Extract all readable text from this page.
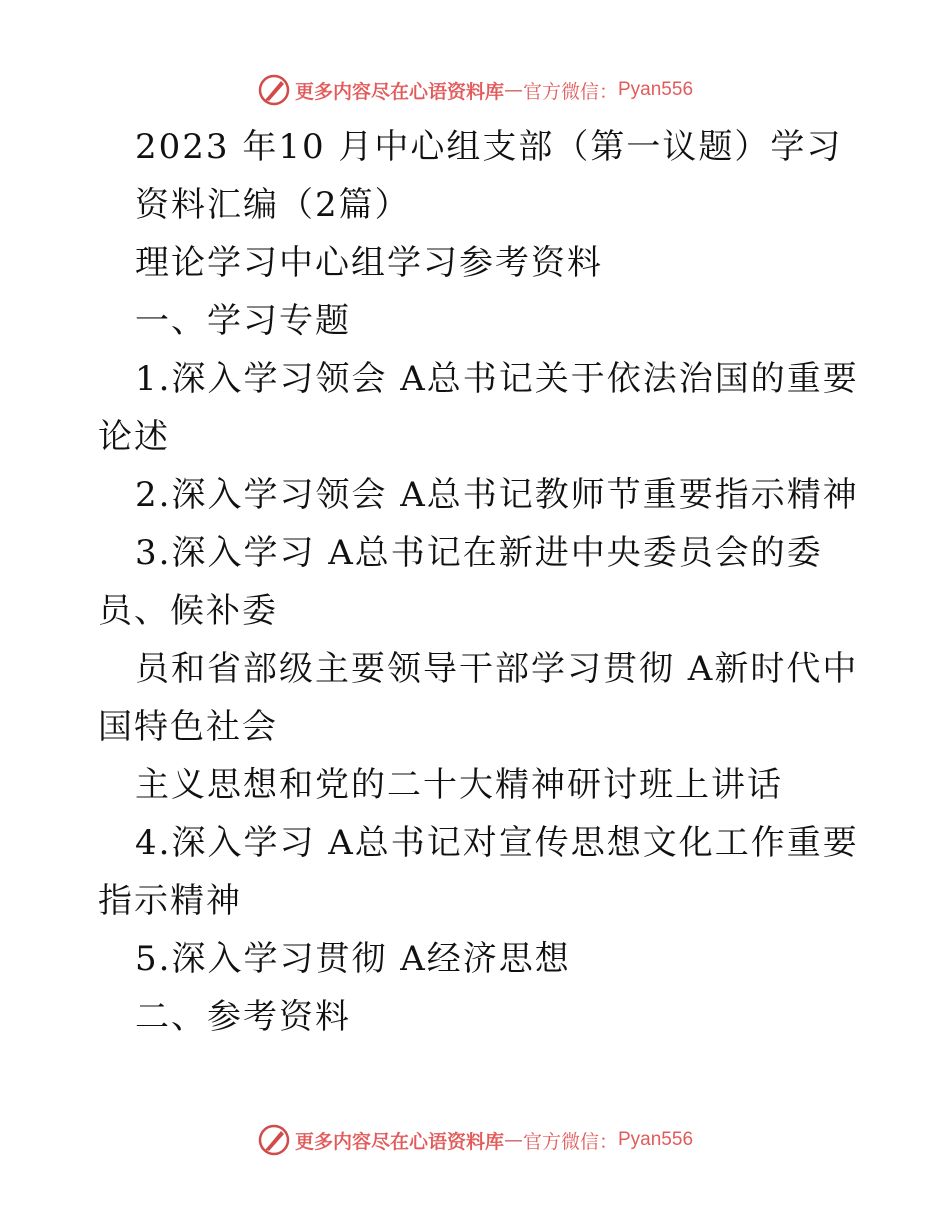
更多内容尽在心语资料库 — 官方微信： Pyan556
2023 年10 月中心组支部（第一议题）学习
资料汇编（2篇）
理论学习中心组学习参考资料
一、学习专题
1.深入学习领会 A总书记关于依法治国的重要
论述
2.深入学习领会 A总书记教师节重要指示精神
3.深入学习 A总书记在新进中央委员会的委
员、候补委
员和省部级主要领导干部学习贯彻 A新时代中
国特色社会
主义思想和党的二十大精神研讨班上讲话
4.深入学习 A总书记对宣传思想文化工作重要
指示精神
5.深入学习贯彻 A经济思想
二、参考资料
更多内容尽在心语资料库 — 官方微信： Pyan556
